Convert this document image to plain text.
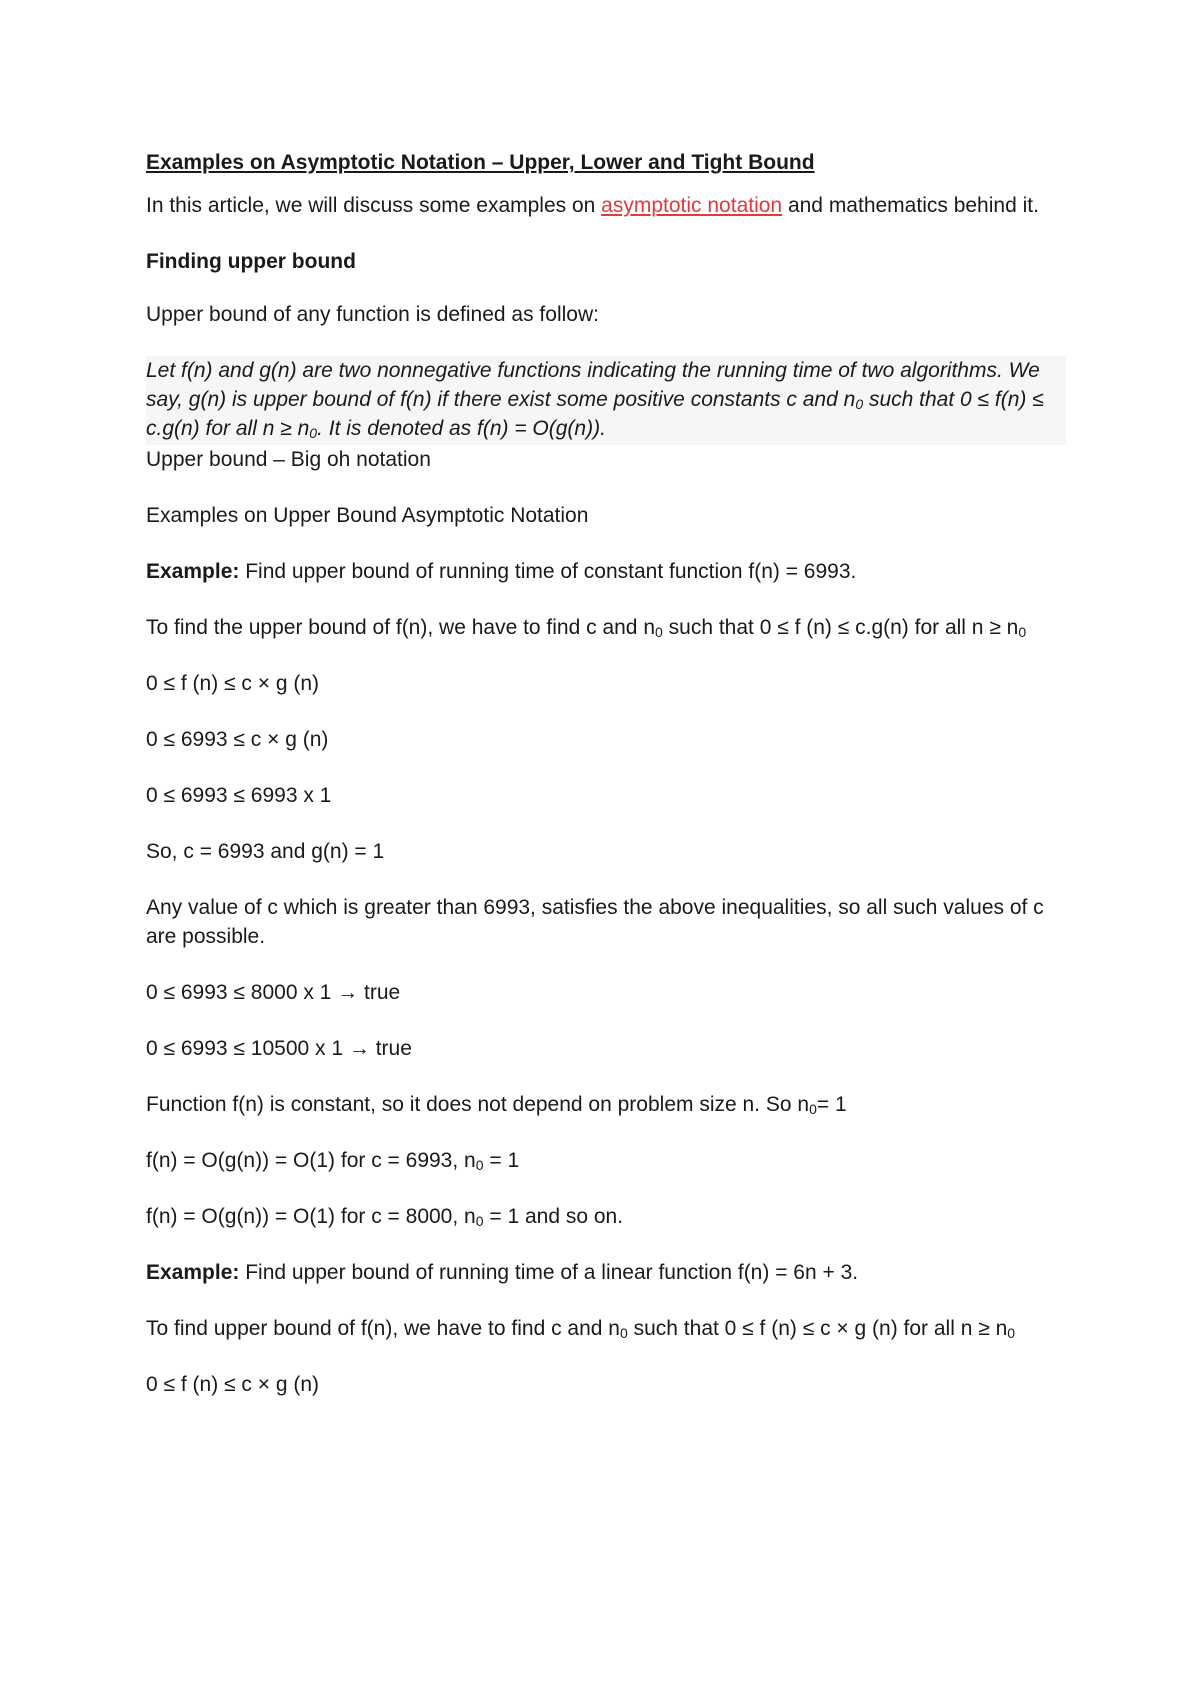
Examples on Asymptotic Notation – Upper, Lower and Tight Bound

In this article, we will discuss some examples on asymptotic notation and mathematics behind it.

Finding upper bound

Upper bound of any function is defined as follow:

Let f(n) and g(n) are two nonnegative functions indicating the running time of two algorithms. We say, g(n) is upper bound of f(n) if there exist some positive constants c and $n_0$ such that 0 ≤ f(n) ≤ c.g(n) for all $n \ge n_0$. It is denoted as f(n) = Ο(g(n)).

Upper bound – Big oh notation

Examples on Upper Bound Asymptotic Notation

Example: Find upper bound of running time of constant function f(n) = 6993.

To find the upper bound of f(n), we have to find c and $n_0$ such that 0 ≤ f (n) ≤ c.g(n) for all $n \ge n_0$

0 ≤ f (n) ≤ c × g (n)

0 ≤ 6993 ≤ c × g (n)

0 ≤ 6993 ≤ 6993 x 1

So, c = 6993 and g(n) = 1

Any value of c which is greater than 6993, satisfies the above inequalities, so all such values of c are possible.

0 ≤ 6993 ≤ 8000 x 1 → true

0 ≤ 6993 ≤ 10500 x 1 → true

Function f(n) is constant, so it does not depend on problem size n. So $n_0= 1$

f(n) = Ο(g(n)) = Ο(1) for c = 6993, $n_0 = 1$

f(n) = Ο(g(n)) = Ο(1) for c = 8000, $n_0 = 1$ and so on.

Example: Find upper bound of running time of a linear function f(n) = 6n + 3.

To find upper bound of f(n), we have to find c and $n_0$ such that 0 ≤ f (n) ≤ c × g (n) for all $n \ge n_0$

0 ≤ f (n) ≤ c × g (n)
